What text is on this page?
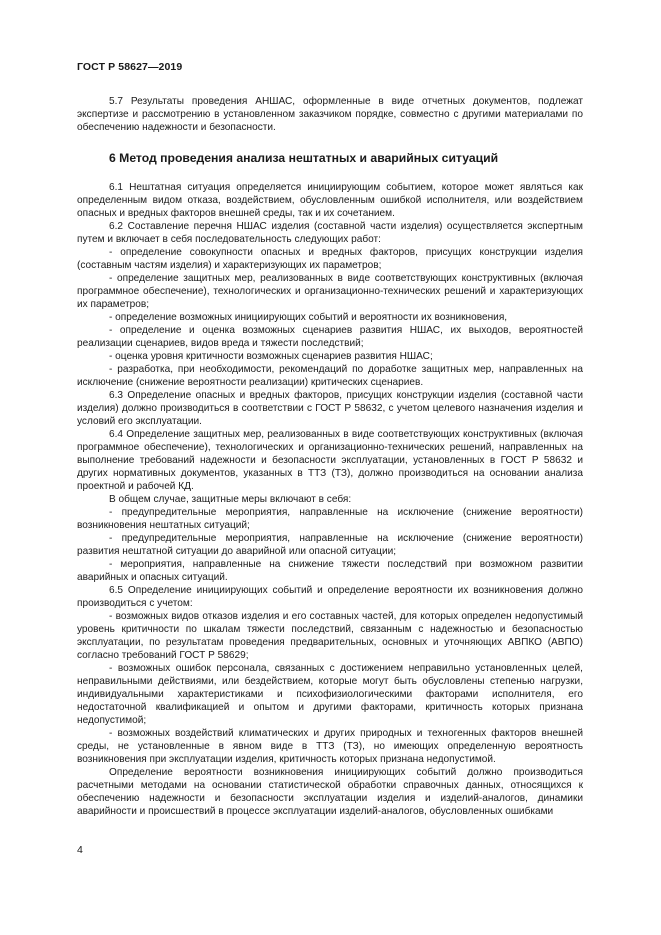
ГОСТ Р 58627—2019

5.7 Результаты проведения АНШАС, оформленные в виде отчетных документов, подлежат экспертизе и рассмотрению в установленном заказчиком порядке, совместно с другими материалами по обеспечению надежности и безопасности.

6 Метод проведения анализа нештатных и аварийных ситуаций

6.1 Нештатная ситуация определяется инициирующим событием, которое может являться как определенным видом отказа, воздействием, обусловленным ошибкой исполнителя, или воздействием опасных и вредных факторов внешней среды, так и их сочетанием.

6.2 Составление перечня НШАС изделия (составной части изделия) осуществляется экспертным путем и включает в себя последовательность следующих работ:

- определение совокупности опасных и вредных факторов, присущих конструкции изделия (составным частям изделия) и характеризующих их параметров;

- определение защитных мер, реализованных в виде соответствующих конструктивных (включая программное обеспечение), технологических и организационно-технических решений и характеризующих их параметров;

- определение возможных инициирующих событий и вероятности их возникновения,

- определение и оценка возможных сценариев развития НШАС, их выходов, вероятностей реализации сценариев, видов вреда и тяжести последствий;

- оценка уровня критичности возможных сценариев развития НШАС;

- разработка, при необходимости, рекомендаций по доработке защитных мер, направленных на исключение (снижение вероятности реализации) критических сценариев.

6.3 Определение опасных и вредных факторов, присущих конструкции изделия (составной части изделия) должно производиться в соответствии с ГОСТ Р 58632, с учетом целевого назначения изделия и условий его эксплуатации.

6.4 Определение защитных мер, реализованных в виде соответствующих конструктивных (включая программное обеспечение), технологических и организационно-технических решений, направленных на выполнение требований надежности и безопасности эксплуатации, установленных в ГОСТ Р 58632 и других нормативных документов, указанных в ТТЗ (ТЗ), должно производиться на основании анализа проектной и рабочей КД.

В общем случае, защитные меры включают в себя:

- предупредительные мероприятия, направленные на исключение (снижение вероятности) возникновения нештатных ситуаций;

- предупредительные мероприятия, направленные на исключение (снижение вероятности) развития нештатной ситуации до аварийной или опасной ситуации;

- мероприятия, направленные на снижение тяжести последствий при возможном развитии аварийных и опасных ситуаций.

6.5 Определение инициирующих событий и определение вероятности их возникновения должно производиться с учетом:

- возможных видов отказов изделия и его составных частей, для которых определен недопустимый уровень критичности по шкалам тяжести последствий, связанным с надежностью и безопасностью эксплуатации, по результатам проведения предварительных, основных и уточняющих АВПКО (АВПО) согласно требований ГОСТ Р 58629;

- возможных ошибок персонала, связанных с достижением неправильно установленных целей, неправильными действиями, или бездействием, которые могут быть обусловлены степенью нагрузки, индивидуальными характеристиками и психофизиологическими факторами исполнителя, его недостаточной квалификацией и опытом и другими факторами, критичность которых признана недопустимой;

- возможных воздействий климатических и других природных и техногенных факторов внешней среды, не установленные в явном виде в ТТЗ (ТЗ), но имеющих определенную вероятность возникновения при эксплуатации изделия, критичность которых признана недопустимой.

Определение вероятности возникновения инициирующих событий должно производиться расчетными методами на основании статистической обработки справочных данных, относящихся к обеспечению надежности и безопасности эксплуатации изделия и изделий-аналогов, динамики аварийности и происшествий в процессе эксплуатации изделий-аналогов, обусловленных ошибками

4
